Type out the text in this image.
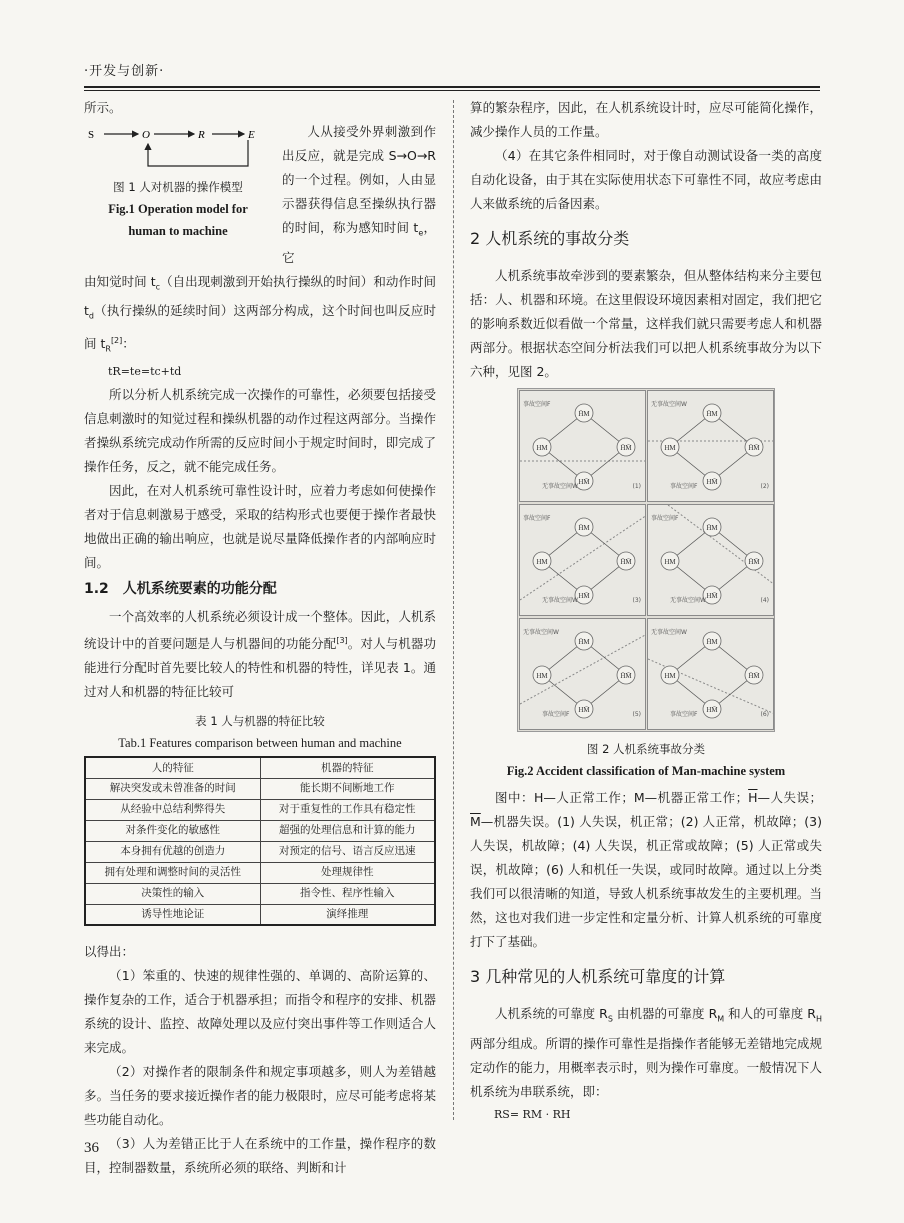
·开发与创新·

所示。

S	O	R	E
图 1 人对机器的操作模型
Fig.1 Operation model for
human to machine
人从接受外界刺激到作出反应，就是完成 S→O→R 的一个过程。例如，人由显示器获得信息至操纵执行器的时间，称为感知时间 $t_e$，它

由知觉时间 $t_c$（自出现刺激到开始执行操纵的时间）和动作时间 $t_d$（执行操纵的延续时间）这两部分构成，这个时间也叫反应时间 $t_R[2]$：

tR=te=tc+td

所以分析人机系统完成一次操作的可靠性，必须要包括接受信息刺激时的知觉过程和操纵机器的动作过程这两部分。当操作者操纵系统完成动作所需的反应时间小于规定时间时，即完成了操作任务，反之，就不能完成任务。

因此，在对人机系统可靠性设计时，应着力考虑如何使操作者对于信息刺激易于感受，采取的结构形式也要便于操作者最快地做出正确的输出响应，也就是说尽量降低操作者的内部响应时间。

1.2　人机系统要素的功能分配

一个高效率的人机系统必须设计成一个整体。因此，人机系统设计中的首要问题是人与机器间的功能分配[3]。对人与机器功能进行分配时首先要比较人的特性和机器的特性，详见表 1。通过对人和机器的特征比较可

表 1 人与机器的特征比较
Tab.1 Features comparison between human and machine
人的特征	机器的特征
解决突发或未曾准备的时间	能长期不间断地工作
从经验中总结利弊得失	对于重复性的工作具有稳定性
对条件变化的敏感性	超强的处理信息和计算的能力
本身拥有优越的创造力	对预定的信号、语言反应迅速
拥有处理和调整时间的灵活性	处理规律性
决策性的输入	指令性、程序性输入
诱导性地论证	演绎推理

以得出：

（1）笨重的、快速的规律性强的、单调的、高阶运算的、操作复杂的工作，适合于机器承担；而指令和程序的安排、机器系统的设计、监控、故障处理以及应付突出事件等工作则适合人来完成。

（2）对操作者的限制条件和规定事项越多，则人为差错越多。当任务的要求接近操作者的能力极限时，应尽可能考虑将某些功能自动化。

（3）人为差错正比于人在系统中的工作量，操作程序的数目，控制器数量，系统所必须的联络、判断和计

算的繁杂程序，因此，在人机系统设计时，应尽可能简化操作，减少操作人员的工作量。

（4）在其它条件相同时，对于像自动测试设备一类的高度自动化设备，由于其在实际使用状态下可靠性不同，故应考虑由人来做系统的后备因素。

2 人机系统的事故分类

人机系统事故牵涉到的要素繁杂，但从整体结构来分主要包括：人、机器和环境。在这里假设环境因素相对固定，我们把它的影响系数近似看做一个常量，这样我们就只需要考虑人和机器两部分。根据状态空间分析法我们可以把人机系统事故分为以下六种，见图 2。

H̄M
HM	H̄M̄
HM̄
事故空间F
无事故空间W	(1)
H̄M
HM	H̄M̄
HM̄
无事故空间W
事故空间F	(2)
H̄M
HM	H̄M̄
HM̄
事故空间F
无事故空间W	(3)
H̄M
HM	H̄M̄
HM̄
事故空间F
无事故空间W	(4)
H̄M
HM	H̄M̄
HM̄
无事故空间W
事故空间F	(5)
H̄M
HM	H̄M̄
HM̄
无事故空间W
事故空间F	(6)
图 2 人机系统事故分类
Fig.2 Accident classification of Man-machine system

图中：H—人正常工作；M—机器正常工作；$\overline{H}—$人失误；$\overline{M}—$机器失误。(1) 人失误，机正常；(2) 人正常，机故障；(3) 人失误，机故障；(4) 人失误，机正常或故障；(5) 人正常或失误，机故障；(6) 人和机任一失误，或同时故障。通过以上分类我们可以很清晰的知道，导致人机系统事故发生的主要机理。当然，这也对我们进一步定性和定量分析、计算人机系统的可靠度打下了基础。

3 几种常见的人机系统可靠度的计算

人机系统的可靠度 $R_S$ 由机器的可靠度 $R_M$ 和人的可靠度 $R_H$ 两部分组成。所谓的操作可靠性是指操作者能够无差错地完成规定动作的能力，用概率表示时，则为操作可靠度。一般情况下人机系统为串联系统，即：

RS= RM · RH

36
